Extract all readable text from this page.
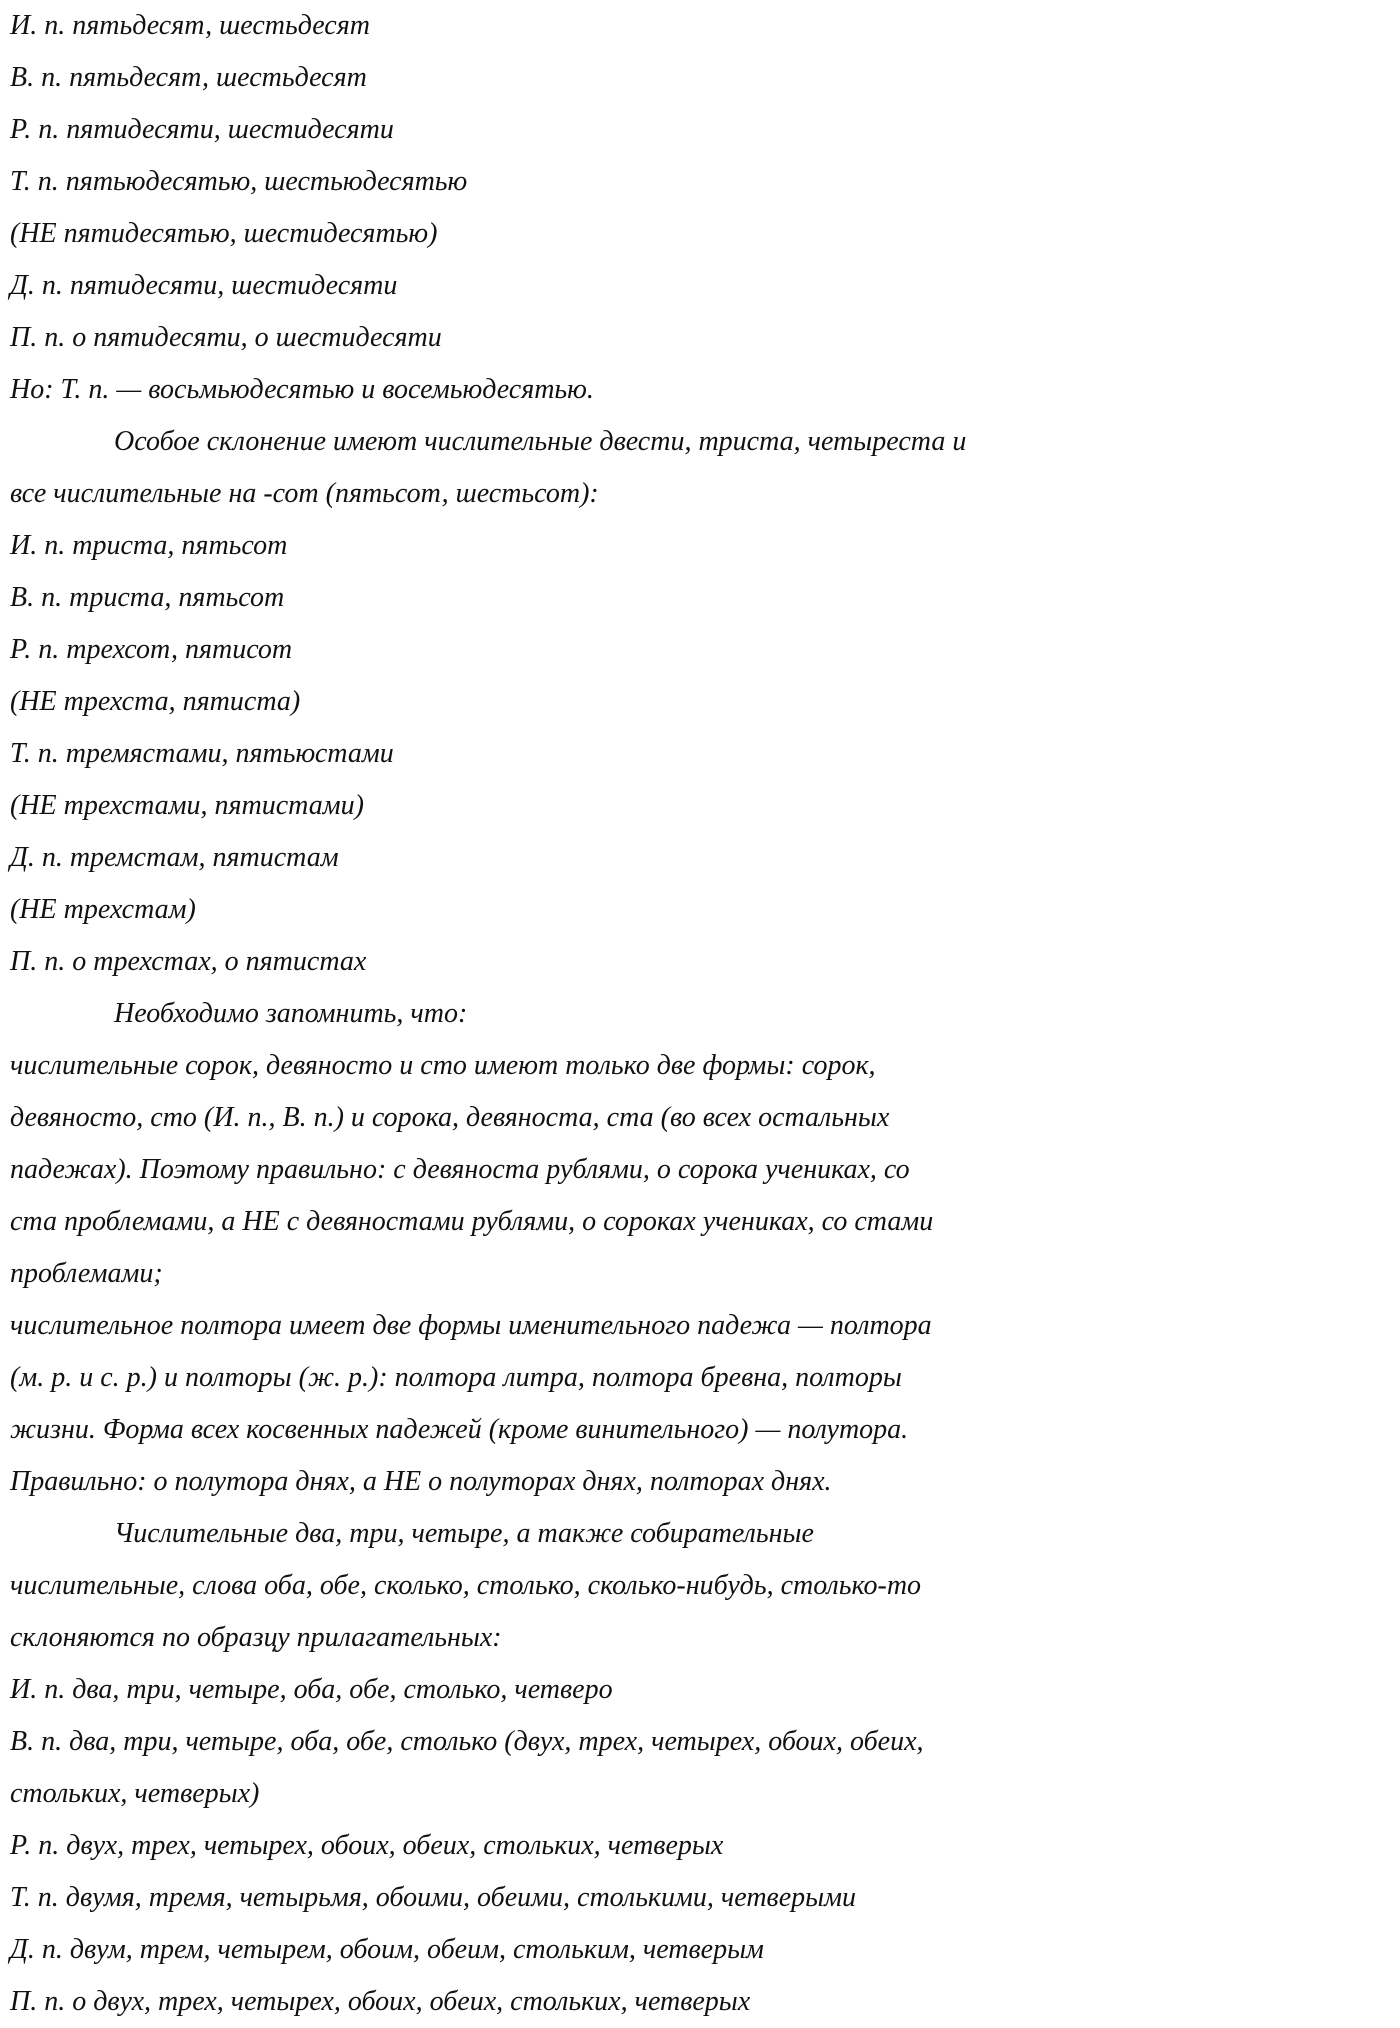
И. п. пятьдесят, шестьдесят
В. п. пятьдесят, шестьдесят
Р. п. пятидесяти, шестидесяти
Т. п. пятьюдесятью, шестьюдесятью
(НЕ пятидесятью, шестидесятью)
Д. п. пятидесяти, шестидесяти
П. п. о пятидесяти, о шестидесяти
Но: Т. п. — восьмьюдесятью и восемьюдесятью.
Особое склонение имеют числительные двести, триста, четыреста и
все числительные на -сот (пятьсот, шестьсот):
И. п. триста, пятьсот
В. п. триста, пятьсот
Р. п. трехсот, пятисот
(НЕ трехста, пятиста)
Т. п. тремястами, пятьюстами
(НЕ трехстами, пятистами)
Д. п. тремстам, пятистам
(НЕ трехстам)
П. п. о трехстах, о пятистах
Необходимо запомнить, что:
числительные сорок, девяносто и сто имеют только две формы: сорок,
девяносто, сто (И. п., В. п.) и сорока, девяноста, ста (во всех остальных
падежах). Поэтому правильно: с девяноста рублями, о сорока учениках, со
ста проблемами, а НЕ с девяностами рублями, о сороках учениках, со стами
проблемами;
числительное полтора имеет две формы именительного падежа — полтора
(м. р. и с. р.) и полторы (ж. р.): полтора литра, полтора бревна, полторы
жизни. Форма всех косвенных падежей (кроме винительного) — полутора.
Правильно: о полутора днях, а НЕ о полуторах днях, полторах днях.
Числительные два, три, четыре, а также собирательные
числительные, слова оба, обе, сколько, столько, сколько-нибудь, столько-то
склоняются по образцу прилагательных:
И. п. два, три, четыре, оба, обе, столько, четверо
В. п. два, три, четыре, оба, обе, столько (двух, трех, четырех, обоих, обеих,
стольких, четверых)
Р. п. двух, трех, четырех, обоих, обеих, стольких, четверых
Т. п. двумя, тремя, четырьмя, обоими, обеими, столькими, четверыми
Д. п. двум, трем, четырем, обоим, обеим, стольким, четверым
П. п. о двух, трех, четырех, обоих, обеих, стольких, четверых
